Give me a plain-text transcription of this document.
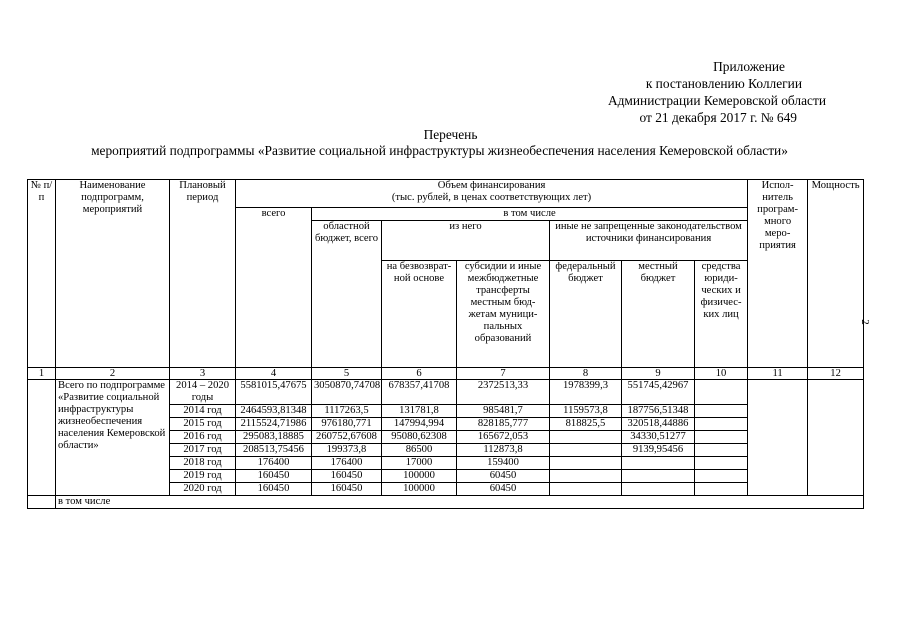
Приложение
к постановлению Коллегии
Администрации Кемеровской области
от 21 декабря 2017 г. № 649
Перечень
мероприятий подпрограммы «Развитие социальной инфраструктуры жизнеобеспечения населения Кемеровской области»
2
№ п/п	Наименование подпрограмм, мероприятий	Плановый период	Объем финансирования
(тыс. рублей, в ценах соответствующих лет)							Испол-нитель програм-много меро-приятия	Мощность
			всего	в том числе							
				областной бюджет, всего	из него		иные не запрещенные законодательством источники финансирования				
					на безвозврат-ной основе	субсидии и иные межбюджетные трансферты местным бюд-жетам муници-пальных образований	федеральный бюджет	местный бюджет	средства юриди-ческих и физичес-ких лиц		
1	2	3	4	5	6	7	8	9	10	11	12
	Всего по подпрограмме «Развитие социальной инфраструктуры жизнеобеспечения населения Кемеровской области»	2014 – 2020 годы	5581015,47675	3050870,74708	678357,41708	2372513,33	1978399,3	551745,42967			
		2014 год	2464593,81348	1117263,5	131781,8	985481,7	1159573,8	187756,51348			
		2015 год	2115524,71986	976180,771	147994,994	828185,777	818825,5	320518,44886			
		2016 год	295083,18885	260752,67608	95080,62308	165672,053		34330,51277			
		2017 год	208513,75456	199373,8	86500	112873,8		9139,95456			
		2018 год	176400	176400	17000	159400					
		2019 год	160450	160450	100000	60450					
		2020 год	160450	160450	100000	60450					
	в том числе										
